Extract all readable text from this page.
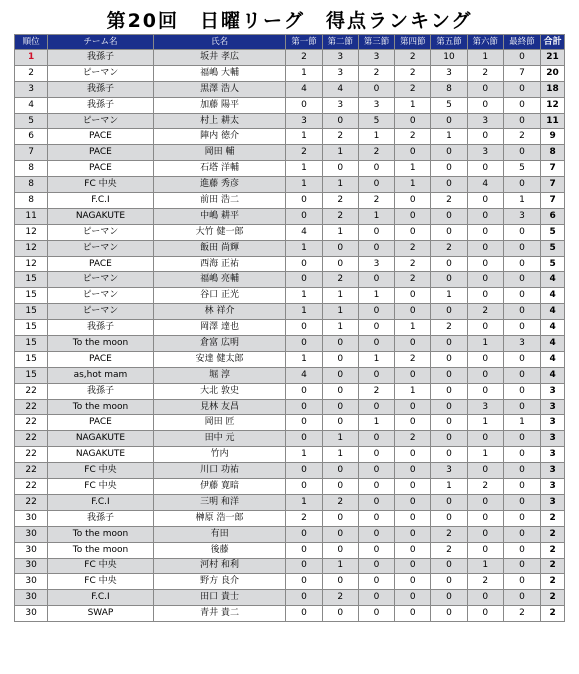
第20回　日曜リーグ　得点ランキング
順位	チーム名	氏名	第一節	第二節	第三節	第四節	第五節	第六節	最終節	合計
1	我孫子	坂井 孝広	2	3	3	2	10	1	0	21
2	ピーマン	福嶋 大輔	1	3	2	2	3	2	7	20
3	我孫子	黒澤 浩人	4	4	0	2	8	0	0	18
4	我孫子	加藤 陽平	0	3	3	1	5	0	0	12
5	ピーマン	村上 耕太	3	0	5	0	0	3	0	11
6	PACE	陣内 徳介	1	2	1	2	1	0	2	9
7	PACE	岡田 輔	2	1	2	0	0	3	0	8
8	PACE	石塔 洋輔	1	0	0	1	0	0	5	7
8	FC 中央	進藤 秀彦	1	1	0	1	0	4	0	7
8	F.C.I	前田 浩二	0	2	2	0	2	0	1	7
11	NAGAKUTE	中嶋 耕平	0	2	1	0	0	0	3	6
12	ピーマン	大竹 健一郎	4	1	0	0	0	0	0	5
12	ピーマン	飯田 尚輝	1	0	0	2	2	0	0	5
12	PACE	西海 正祐	0	0	3	2	0	0	0	5
15	ピーマン	福嶋 亮輔	0	2	0	2	0	0	0	4
15	ピーマン	谷口 正光	1	1	1	0	1	0	0	4
15	ピーマン	林 祥介	1	1	0	0	0	2	0	4
15	我孫子	岡澤 達也	0	1	0	1	2	0	0	4
15	To the moon	倉富 広明	0	0	0	0	0	1	3	4
15	PACE	安達 健太郎	1	0	1	2	0	0	0	4
15	as,hot mam	堀 淳	4	0	0	0	0	0	0	4
22	我孫子	大北 敦史	0	0	2	1	0	0	0	3
22	To the moon	見林 友昌	0	0	0	0	0	3	0	3
22	PACE	岡田 匠	0	0	1	0	0	1	1	3
22	NAGAKUTE	田中 元	0	1	0	2	0	0	0	3
22	NAGAKUTE	竹内	1	1	0	0	0	1	0	3
22	FC 中央	川口 功祐	0	0	0	0	3	0	0	3
22	FC 中央	伊藤 寛暗	0	0	0	0	1	2	0	3
22	F.C.I	三明 和洋	1	2	0	0	0	0	0	3
30	我孫子	榊原 浩一郎	2	0	0	0	0	0	0	2
30	To the moon	有田	0	0	0	0	2	0	0	2
30	To the moon	後藤	0	0	0	0	2	0	0	2
30	FC 中央	河村 和利	0	1	0	0	0	1	0	2
30	FC 中央	野方 良介	0	0	0	0	0	2	0	2
30	F.C.I	田口 貴士	0	2	0	0	0	0	0	2
30	SWAP	青井 貴二	0	0	0	0	0	0	2	2
